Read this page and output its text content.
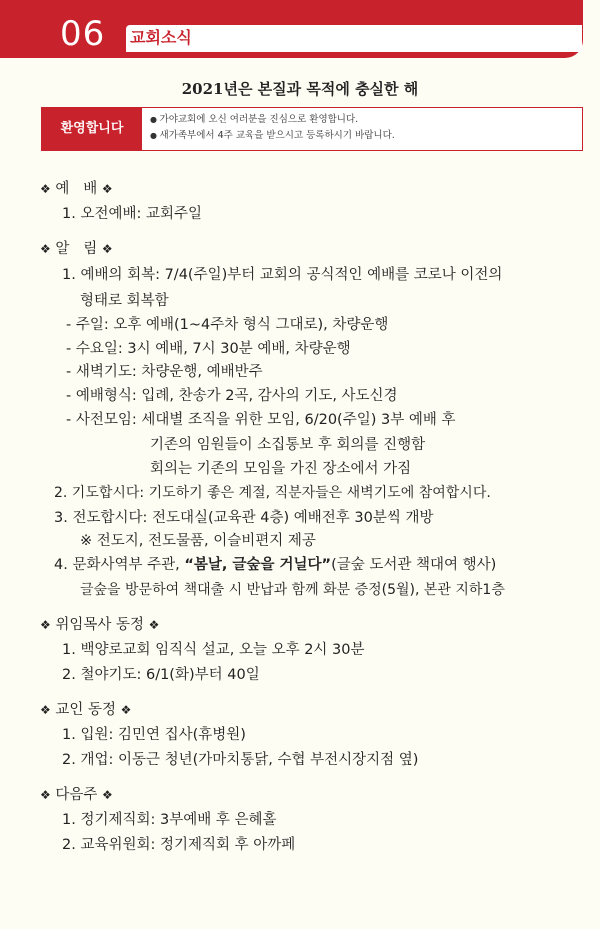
06 교회소식
2021년은 본질과 목적에 충실한 해
환영합니다
● 가야교회에 오신 여러분을 진심으로 환영합니다.
● 새가족부에서 4주 교육을 받으시고 등록하시기 바랍니다.
❖ 예   배 ❖
1. 오전예배: 교회주일
❖ 알   림 ❖
1. 예배의 회복: 7/4(주일)부터 교회의 공식적인 예배를 코로나 이전의
형태로 회복함
- 주일: 오후 예배(1~4주차 형식 그대로), 차량운행
- 수요일: 3시 예배, 7시 30분 예배, 차량운행
- 새벽기도: 차량운행, 예배반주
- 예배형식: 입례, 찬송가 2곡, 감사의 기도, 사도신경
- 사전모임: 세대별 조직을 위한 모임, 6/20(주일) 3부 예배 후
기존의 임원들이 소집통보 후 회의를 진행함
회의는 기존의 모임을 가진 장소에서 가짐
2. 기도합시다: 기도하기 좋은 계절, 직분자들은 새벽기도에 참여합시다.
3. 전도합시다: 전도대실(교육관 4층) 예배전후 30분씩 개방
※ 전도지, 전도물품, 이슬비편지 제공
4. 문화사역부 주관, “봄날, 글숲을 거닐다”(글숲 도서관 책대여 행사)
글숲을 방문하여 책대출 시 반납과 함께 화분 증정(5월), 본관 지하1층
❖ 위임목사 동정 ❖
1. 백양로교회 임직식 설교, 오늘 오후 2시 30분
2. 철야기도: 6/1(화)부터 40일
❖ 교인 동정 ❖
1. 입원: 김민연 집사(휴병원)
2. 개업: 이동근 청년(가마치통닭, 수협 부전시장지점 옆)
❖ 다음주 ❖
1. 정기제직회: 3부예배 후 은혜홀
2. 교육위원회: 정기제직회 후 아까페
